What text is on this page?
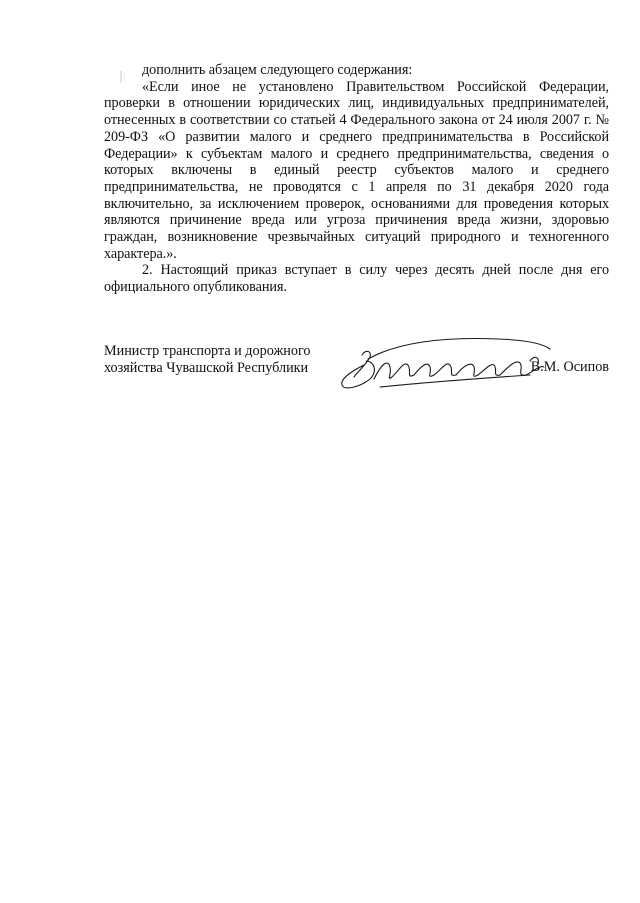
дополнить абзацем следующего содержания:

«Если иное не установлено Правительством Российской Федерации, проверки в отношении юридических лиц, индивидуальных предпринимателей, отнесенных в соответствии со статьей 4 Федерального закона от 24 июля 2007 г. № 209-ФЗ «О развитии малого и среднего предпринимательства в Российской Федерации» к субъектам малого и среднего предпринимательства, сведения о которых включены в единый реестр субъектов малого и среднего предпринимательства, не проводятся с 1 апреля по 31 декабря 2020 года включительно, за исключением проверок, основаниями для проведения которых являются причинение вреда или угроза причинения вреда жизни, здоровью граждан, возникновение чрезвычайных ситуаций природного и техногенного характера.».

2. Настоящий приказ вступает в силу через десять дней после дня его официального опубликования.

Министр транспорта и дорожного
хозяйства Чувашской Республики	В.М. Осипов
